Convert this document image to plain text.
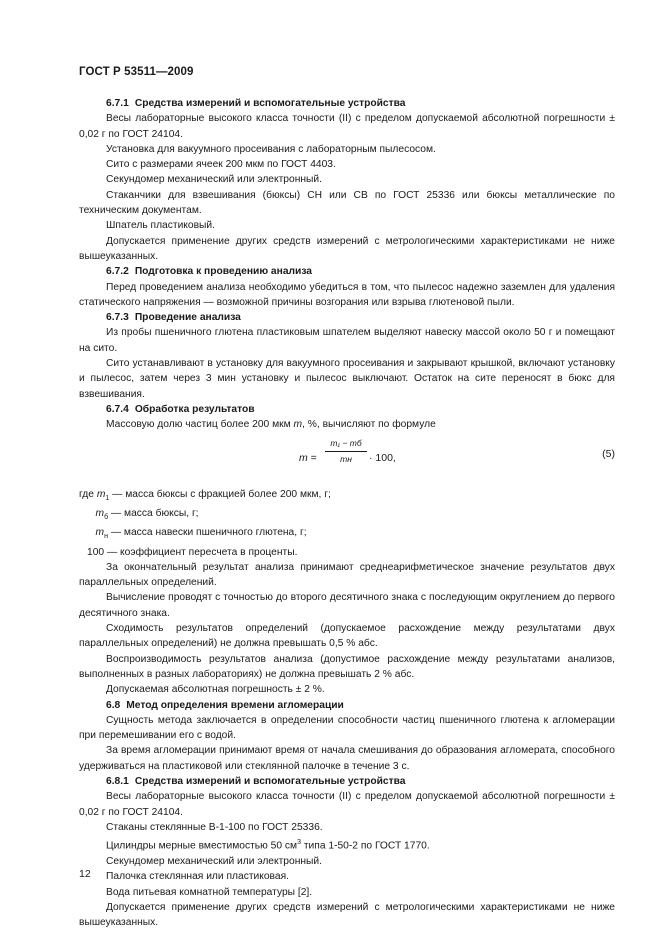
ГОСТ Р 53511—2009

6.7.1 Средства измерений и вспомогательные устройства

Весы лабораторные высокого класса точности (II) с пределом допускаемой абсолютной погрешности ± 0,02 г по ГОСТ 24104.

Установка для вакуумного просеивания с лабораторным пылесосом.

Сито с размерами ячеек 200 мкм по ГОСТ 4403.

Секундомер механический или электронный.

Стаканчики для взвешивания (бюксы) СН или СВ по ГОСТ 25336 или бюксы металлические по техническим документам.

Шпатель пластиковый.

Допускается применение других средств измерений с метрологическими характеристиками не ниже вышеуказанных.

6.7.2 Подготовка к проведению анализа

Перед проведением анализа необходимо убедиться в том, что пылесос надежно заземлен для удаления статического напряжения — возможной причины возгорания или взрыва глютеновой пыли.

6.7.3 Проведение анализа

Из пробы пшеничного глютена пластиковым шпателем выделяют навеску массой около 50 г и помещают на сито.

Сито устанавливают в установку для вакуумного просеивания и закрывают крышкой, включают установку и пылесос, затем через 3 мин установку и пылесос выключают. Остаток на сите переносят в бюкс для взвешивания.

6.7.4 Обработка результатов

Массовую долю частиц более 200 мкм m, %, вычисляют по формуле

m =
m₁ − mб
mн	· 100,	(5)

где $m_1$ — масса бюксы с фракцией более 200 мкм, г;

$m_б$ — масса бюксы, г;

$m_н$ — масса навески пшеничного глютена, г;

100 — коэффициент пересчета в проценты.

За окончательный результат анализа принимают среднеарифметическое значение результатов двух параллельных определений.

Вычисление проводят с точностью до второго десятичного знака с последующим округлением до первого десятичного знака.

Сходимость результатов определений (допускаемое расхождение между результатами двух параллельных определений) не должна превышать 0,5 % абс.

Воспроизводимость результатов анализа (допустимое расхождение между результатами анализов, выполненных в разных лабораториях) не должна превышать 2 % абс.

Допускаемая абсолютная погрешность ± 2 %.

6.8 Метод определения времени агломерации

Сущность метода заключается в определении способности частиц пшеничного глютена к агломерации при перемешивании его с водой.

За время агломерации принимают время от начала смешивания до образования агломерата, способного удерживаться на пластиковой или стеклянной палочке в течение 3 с.

6.8.1 Средства измерений и вспомогательные устройства

Весы лабораторные высокого класса точности (II) с пределом допускаемой абсолютной погрешности ± 0,02 г по ГОСТ 24104.

Стаканы стеклянные В-1-100 по ГОСТ 25336.

Цилиндры мерные вместимостью 50 $см^3$ типа 1-50-2 по ГОСТ 1770.

Секундомер механический или электронный.

Палочка стеклянная или пластиковая.

Вода питьевая комнатной температуры [2].

Допускается применение других средств измерений с метрологическими характеристиками не ниже вышеуказанных.

12
